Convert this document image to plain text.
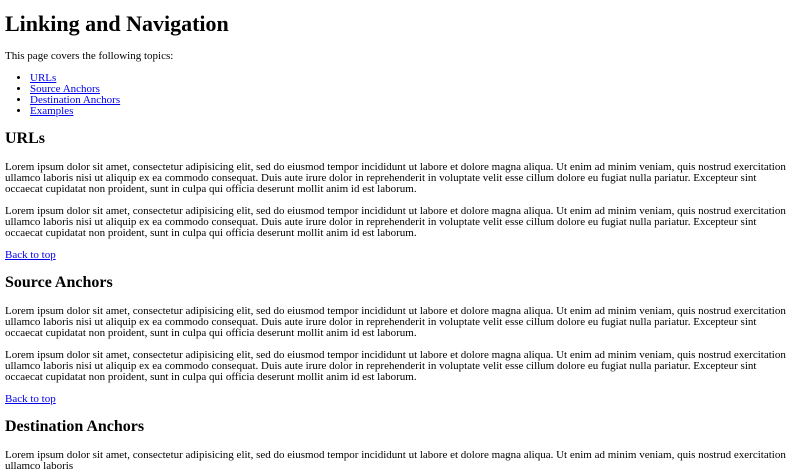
Linking and Navigation

This page covers the following topics:

• URLs
• Source Anchors
• Destination Anchors
• Examples
URLs

Lorem ipsum dolor sit amet, consectetur adipisicing elit, sed do eiusmod tempor incididunt ut labore et dolore magna aliqua. Ut enim ad minim veniam, quis nostrud exercitation ullamco laboris nisi ut aliquip ex ea commodo consequat. Duis aute irure dolor in reprehenderit in voluptate velit esse cillum dolore eu fugiat nulla pariatur. Excepteur sint occaecat cupidatat non proident, sunt in culpa qui officia deserunt mollit anim id est laborum.

Lorem ipsum dolor sit amet, consectetur adipisicing elit, sed do eiusmod tempor incididunt ut labore et dolore magna aliqua. Ut enim ad minim veniam, quis nostrud exercitation ullamco laboris nisi ut aliquip ex ea commodo consequat. Duis aute irure dolor in reprehenderit in voluptate velit esse cillum dolore eu fugiat nulla pariatur. Excepteur sint occaecat cupidatat non proident, sunt in culpa qui officia deserunt mollit anim id est laborum.

Back to top

Source Anchors

Lorem ipsum dolor sit amet, consectetur adipisicing elit, sed do eiusmod tempor incididunt ut labore et dolore magna aliqua. Ut enim ad minim veniam, quis nostrud exercitation ullamco laboris nisi ut aliquip ex ea commodo consequat. Duis aute irure dolor in reprehenderit in voluptate velit esse cillum dolore eu fugiat nulla pariatur. Excepteur sint occaecat cupidatat non proident, sunt in culpa qui officia deserunt mollit anim id est laborum.

Lorem ipsum dolor sit amet, consectetur adipisicing elit, sed do eiusmod tempor incididunt ut labore et dolore magna aliqua. Ut enim ad minim veniam, quis nostrud exercitation ullamco laboris nisi ut aliquip ex ea commodo consequat. Duis aute irure dolor in reprehenderit in voluptate velit esse cillum dolore eu fugiat nulla pariatur. Excepteur sint occaecat cupidatat non proident, sunt in culpa qui officia deserunt mollit anim id est laborum.

Back to top

Destination Anchors

Lorem ipsum dolor sit amet, consectetur adipisicing elit, sed do eiusmod tempor incididunt ut labore et dolore magna aliqua. Ut enim ad minim veniam, quis nostrud exercitation ullamco laboris
